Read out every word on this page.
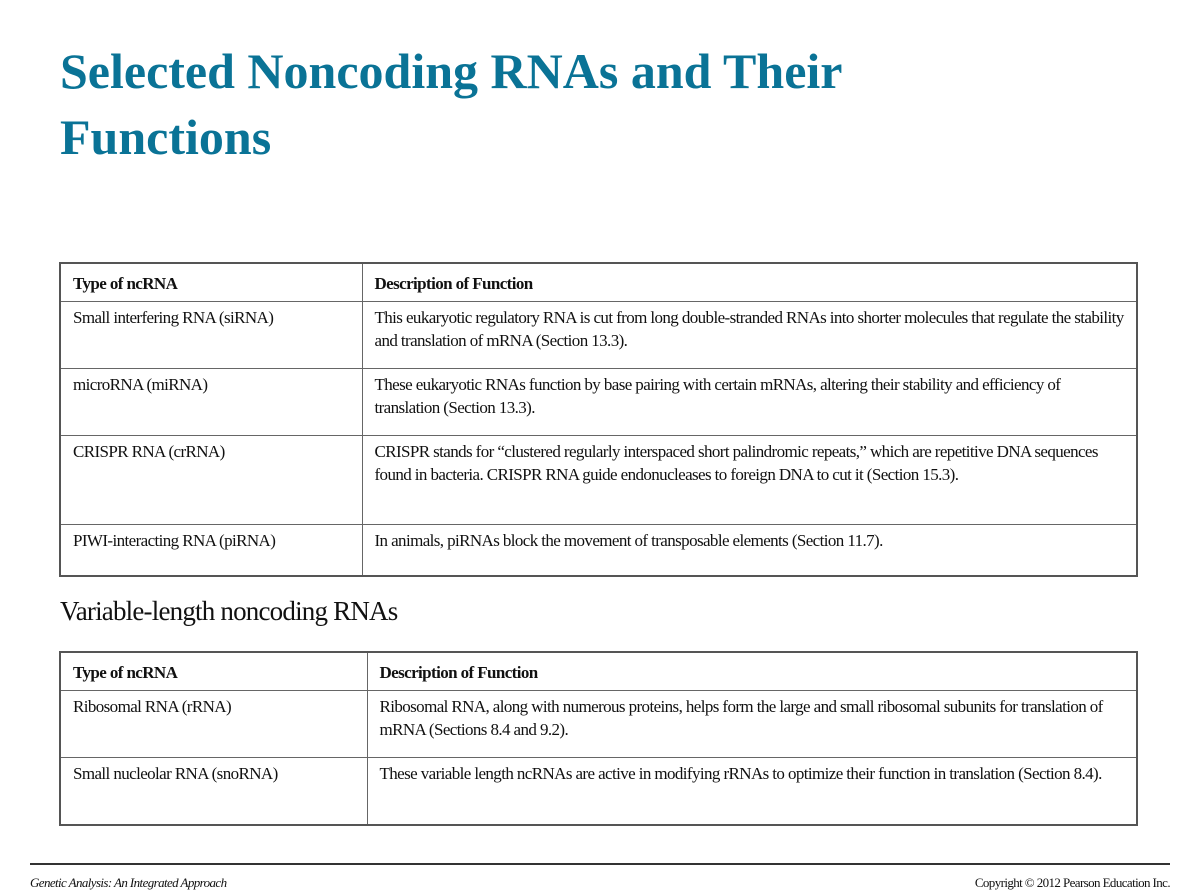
Selected Noncoding RNAs and Their Functions
Type of ncRNA	Description of Function
Small interfering RNA (siRNA)	This eukaryotic regulatory RNA is cut from long double-stranded RNAs into shorter molecules that regulate the stability and translation of mRNA (Section 13.3).
microRNA (miRNA)	These eukaryotic RNAs function by base pairing with certain mRNAs, altering their stability and efficiency of translation (Section 13.3).
CRISPR RNA (crRNA)	CRISPR stands for “clustered regularly interspaced short palindromic repeats,” which are repetitive DNA sequences found in bacteria. CRISPR RNA guide endonucleases to foreign DNA to cut it (Section 15.3).
PIWI-interacting RNA (piRNA)	In animals, piRNAs block the movement of transposable elements (Section 11.7).
Variable-length noncoding RNAs
Type of ncRNA	Description of Function
Ribosomal RNA (rRNA)	Ribosomal RNA, along with numerous proteins, helps form the large and small ribosomal subunits for translation of mRNA (Sections 8.4 and 9.2).
Small nucleolar RNA (snoRNA)	These variable length ncRNAs are active in modifying rRNAs to optimize their function in translation (Section 8.4).
Genetic Analysis: An Integrated Approach	Copyright © 2012 Pearson Education Inc.
